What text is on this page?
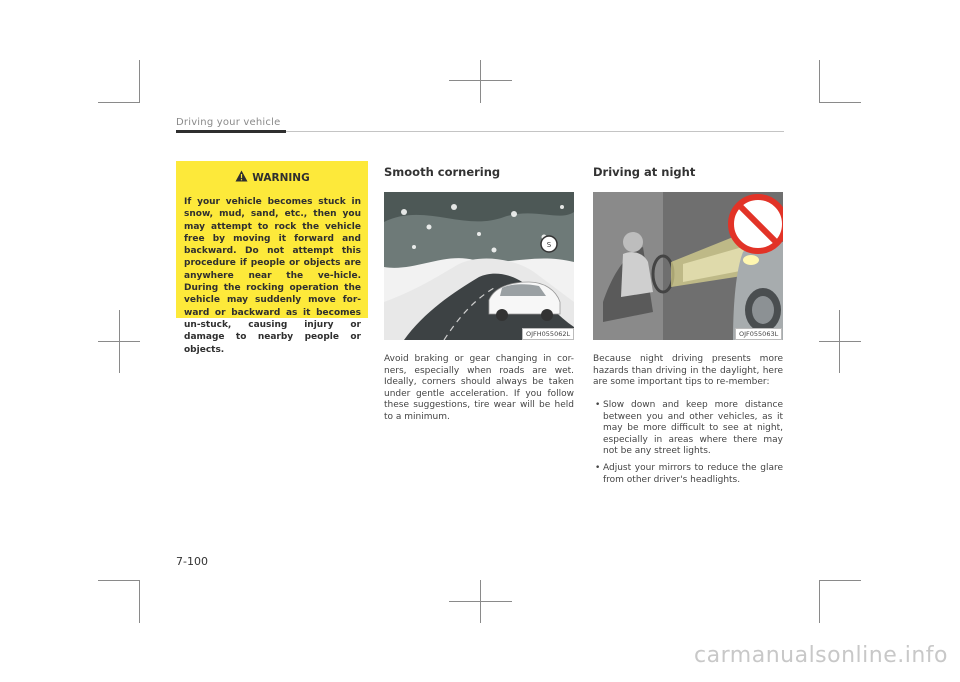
Driving your vehicle
WARNING
If your vehicle becomes stuck in snow, mud, sand, etc., then you may attempt to rock the vehicle free by moving it forward and backward. Do not attempt this procedure if people or objects are anywhere near the ve-hicle. During the rocking operation the vehicle may suddenly move for-ward or backward as it becomes un-stuck, causing injury or damage to nearby people or objects.
Smooth cornering
S
OJFH055062L
Avoid braking or gear changing in cor-ners, especially when roads are wet. Ideally, corners should always be taken under gentle acceleration. If you follow these suggestions, tire wear will be held to a minimum.
Driving at night
OJF055063L
Because night driving presents more hazards than driving in the daylight, here are some important tips to re-member:
• Slow down and keep more distance between you and other vehicles, as it may be more difficult to see at night, especially in areas where there may not be any street lights.
• Adjust your mirrors to reduce the glare from other driver's headlights.
7-100
carmanualsonline.info
